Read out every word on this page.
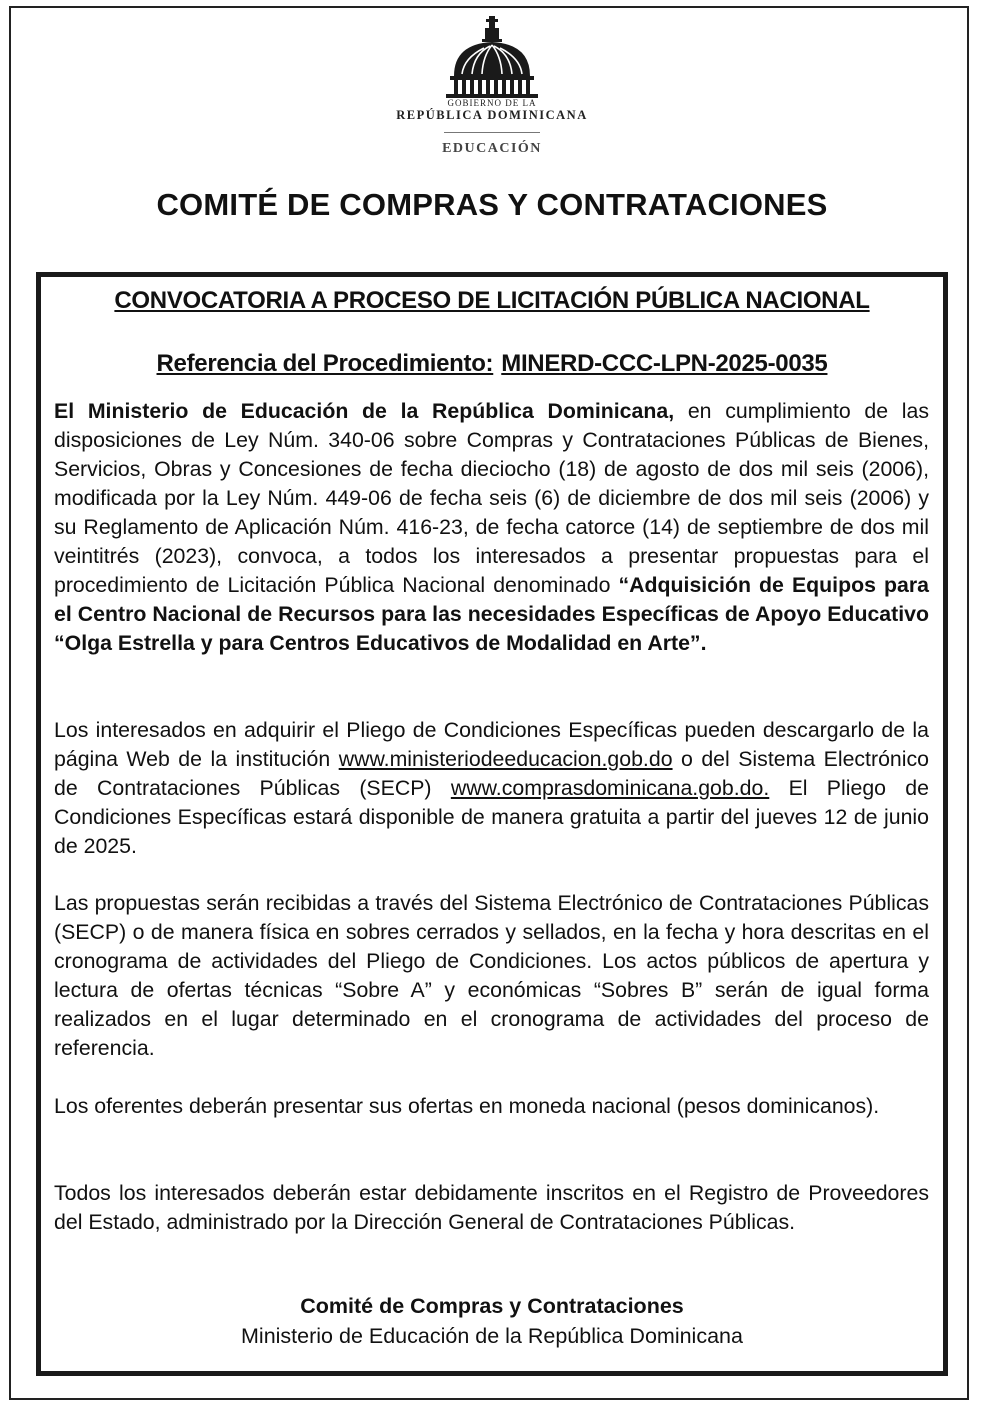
GOBIERNO DE LA
REPÚBLICA DOMINICANA
EDUCACIÓN
COMITÉ DE COMPRAS Y CONTRATACIONES
CONVOCATORIA A PROCESO DE LICITACIÓN PÚBLICA NACIONAL
Referencia del Procedimiento: MINERD-CCC-LPN-2025-0035

El Ministerio de Educación de la República Dominicana, en cumplimiento de las disposiciones de Ley Núm. 340-06 sobre Compras y Contrataciones Públicas de Bienes, Servicios, Obras y Concesiones de fecha dieciocho (18) de agosto de dos mil seis (2006), modificada por la Ley Núm. 449-06 de fecha seis (6) de diciembre de dos mil seis (2006) y su Reglamento de Aplicación Núm. 416-23, de fecha catorce (14) de septiembre de dos mil veintitrés (2023), convoca, a todos los interesados a presentar propuestas para el procedimiento de Licitación Pública Nacional denominado “Adquisición de Equipos para el Centro Nacional de Recursos para las necesidades Específicas de Apoyo Educativo “Olga Estrella y para Centros Educativos de Modalidad en Arte”.

Los interesados en adquirir el Pliego de Condiciones Específicas pueden descargarlo de la página Web de la institución www.ministeriodeeducacion.gob.do o del Sistema Electrónico de Contrataciones Públicas (SECP) www.comprasdominicana.gob.do. El Pliego de Condiciones Específicas estará disponible de manera gratuita a partir del jueves 12 de junio de 2025.

Las propuestas serán recibidas a través del Sistema Electrónico de Contrataciones Públicas (SECP) o de manera física en sobres cerrados y sellados, en la fecha y hora descritas en el cronograma de actividades del Pliego de Condiciones. Los actos públicos de apertura y lectura de ofertas técnicas “Sobre A” y económicas “Sobres B” serán de igual forma realizados en el lugar determinado en el cronograma de actividades del proceso de referencia.

Los oferentes deberán presentar sus ofertas en moneda nacional (pesos dominicanos).

Todos los interesados deberán estar debidamente inscritos en el Registro de Proveedores del Estado, administrado por la Dirección General de Contrataciones Públicas.

Comité de Compras y Contrataciones
Ministerio de Educación de la República Dominicana
